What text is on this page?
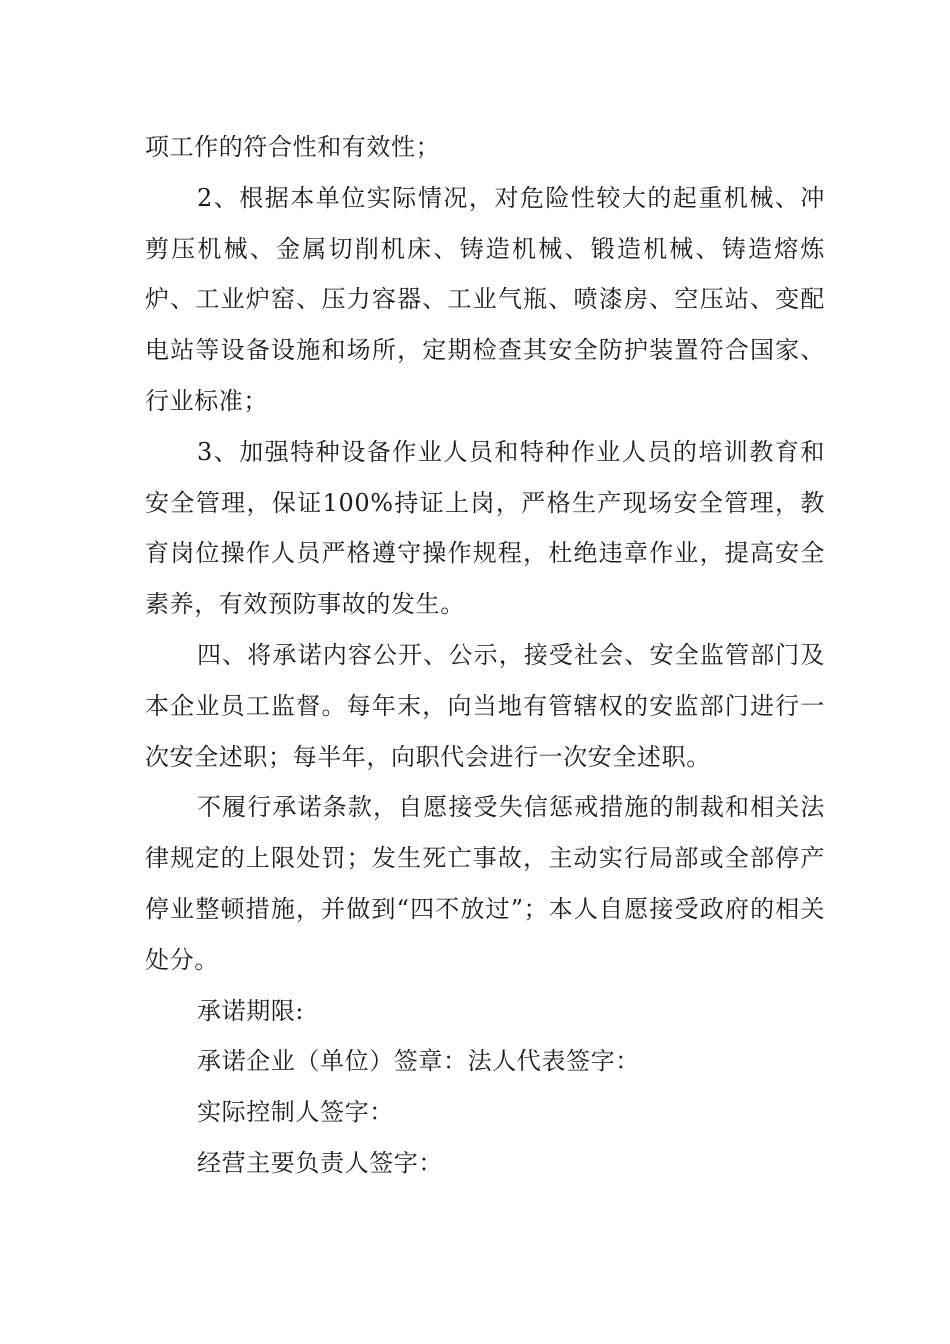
项工作的符合性和有效性；

2、根据本单位实际情况，对危险性较大的起重机械、冲剪压机械、金属切削机床、铸造机械、锻造机械、铸造熔炼炉、工业炉窑、压力容器、工业气瓶、喷漆房、空压站、变配电站等设备设施和场所，定期检查其安全防护装置符合国家、行业标准；

3、加强特种设备作业人员和特种作业人员的培训教育和安全管理，保证100%持证上岗，严格生产现场安全管理，教育岗位操作人员严格遵守操作规程，杜绝违章作业，提高安全素养，有效预防事故的发生。

四、将承诺内容公开、公示，接受社会、安全监管部门及本企业员工监督。每年末，向当地有管辖权的安监部门进行一次安全述职；每半年，向职代会进行一次安全述职。

不履行承诺条款，自愿接受失信惩戒措施的制裁和相关法律规定的上限处罚；发生死亡事故，主动实行局部或全部停产停业整顿措施，并做到“四不放过”；本人自愿接受政府的相关处分。

承诺期限:

承诺企业（单位）签章：法人代表签字：

实际控制人签字：

经营主要负责人签字：
